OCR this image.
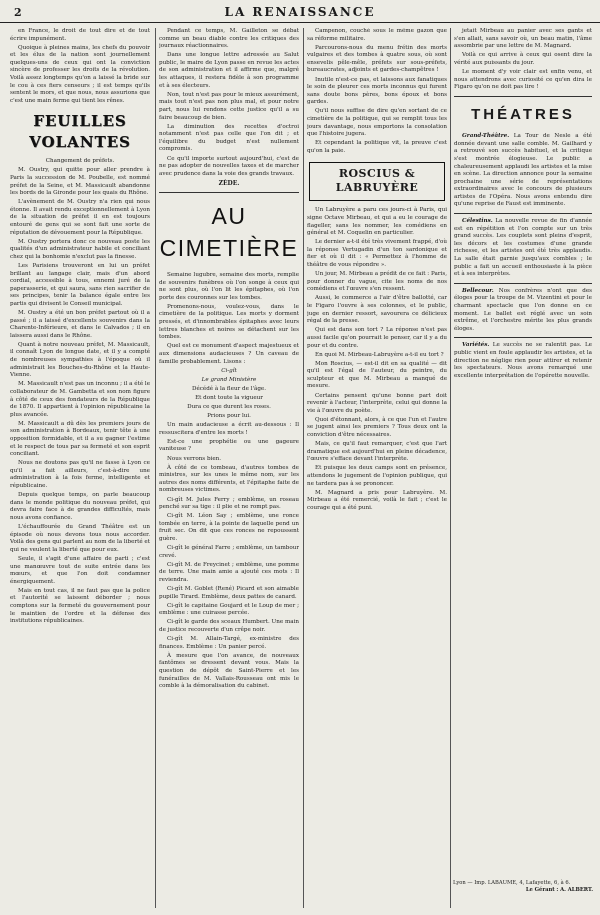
2	LA RENAISSANCE

en France, le droit de tout dire et de tout écrire impunément.

Quoique à pleines mains, les chefs du pouvoir et les élus de la nation sont journellement quelques-uns de ceux qui ont la conviction sincère de professer les droits de la révolution. Voilà assez longtemps qu'on a laissé la bride sur le cou à ces fiers censeurs ; il est temps qu'ils sentent le mors, et que nous, nous assurions que c'est une main ferme qui tient les rênes.

FEUILLES VOLANTES

Changement de préfets.

M. Oustry, qui quitte pour aller prendre à Paris la succession de M. Poubelle, est nommé préfet de la Seine, et M. Massicault abandonne les bords de la Gironde pour les quais du Rhône.

L'avènement de M. Oustry n'a rien qui nous étonne. Il avait rendu exceptionnellement à Lyon de la situation de préfet il en est toujours entouré de gens qui se sont fait une sorte de réputation de dévouement pour la République.

M. Oustry portera donc ce nouveau poste les qualités d'un administrateur habile et conciliant chez qui la bonhomie n'exclut pas la finesse.

Les Parisiens trouveront en lui un préfet brillant au langage clair, mais d'un abord cordial, accessible à tous, ennemi juré de la paperasserie, et qui saura, sans rien sacrifier de ses principes, tenir la balance égale entre les partis qui divisent le Conseil municipal.

M. Oustry a été un bon préfet partout où il a passé ; il a laissé d'excellents souvenirs dans la Charente-Inférieure, et dans le Calvados ; il en laissera aussi dans le Rhône.

Quant à notre nouveau préfet, M. Massicault, il connaît Lyon de longue date, et il y a compté de nombreuses sympathies à l'époque où il administrait les Bouches-du-Rhône et la Haute-Vienne.

M. Massicault n'est pas un inconnu ; il a été le collaborateur de M. Gambetta et son nom figure à côté de ceux des fondateurs de la République de 1870. Il appartient à l'opinion républicaine la plus avancée.

M. Massicault a dû dès les premiers jours de son administration à Bordeaux, tenir tête à une opposition formidable, et il a su gagner l'estime et le respect de tous par sa fermeté et son esprit conciliant.

Nous ne doutons pas qu'il ne fasse à Lyon ce qu'il a fait ailleurs, c'est-à-dire une administration à la fois ferme, intelligente et républicaine.

Depuis quelque temps, on parle beaucoup dans le monde politique du nouveau préfet, qui devra faire face à de grandes difficultés, mais nous avons confiance.

L'échauffourée du Grand Théâtre est un épisode où nous devons tous nous accorder. Voilà des gens qui parlent au nom de la liberté et qui ne veulent la liberté que pour eux.

Seule, il s'agit d'une affaire de parti ; c'est une manœuvre tout de suite entrée dans les mœurs, et que l'on doit condamner énergiquement.

Mais en tout cas, il ne faut pas que la police et l'autorité se laissent déborder ; nous comptons sur la fermeté du gouvernement pour le maintien de l'ordre et la défense des institutions républicaines.

Pendant ce temps, M. Gailleton se débat comme un beau diable contre les critiques des journaux réactionnaires.

Dans une longue lettre adressée au Salut public, le maire de Lyon passe en revue les actes de son administration et il affirme que, malgré les attaques, il restera fidèle à son programme et à ses électeurs.

Non, tout n'est pas pour le mieux assurément, mais tout n'est pas non plus mal, et pour notre part, nous lui rendons cette justice qu'il a su faire beaucoup de bien.

La diminution des recettes d'octroi notamment n'est pas celle que l'on dit ; et l'équilibre du budget n'est nullement compromis.

Ce qu'il importe surtout aujourd'hui, c'est de ne pas adopter de nouvelles taxes et de marcher avec prudence dans la voie des grands travaux.

ZÈDE.
AU CIMETIÈRE

Semaine lugubre, semaine des morts, remplie de souvenirs funèbres où l'on songe à ceux qui ne sont plus, où l'on lit les épitaphes, où l'on porte des couronnes sur les tombes.

Promenons-nous, voulez-vous, dans le cimetière de la politique. Les morts y dorment pressés, et d'innombrables épitaphes avec leurs lettres blanches et noires se détachent sur les tombes.

Quel est ce monument d'aspect majestueux et aux dimensions audacieuses ? Un caveau de famille probablement. Lisons :

Ci-gît

Le grand Ministère

Décédé à la fleur de l'âge.

Et dont toute la vigueur

Dura ce que durent les roses.

Prions pour lui.

Un main audacieuse a écrit au-dessous : Il ressuscitera d'entre les morts !

Est-ce une prophétie ou une gageure vaniteuse ?

Nous verrons bien.

À côté de ce tombeau, d'autres tombes de ministres, sur les unes le même nom, sur les autres des noms différents, et l'épitaphe faite de nombreuses victimes.

Ci-gît M. Jules Ferry ; emblème, un roseau penché sur sa tige : il plie et ne rompt pas.

Ci-gît M. Léon Say ; emblème, une ronce tombée en terre, à la pointe de laquelle pend un fruit sec. On dit que ces ronces ne repoussent guère.

Ci-gît le général Farre ; emblème, un tambour crevé.

Ci-gît M. de Freycinet ; emblème, une pomme de terre. Une main amie a ajouté ces mots : Il reviendra.

Ci-gît M. Goblet (René) Picard et son aimable pupille Tirard. Emblème, deux pattes de canard.

Ci-gît le capitaine Goujard et le Loup de mer ; emblème : une cuirasse percée.

Ci-gît le garde des sceaux Humbert. Une main de justice recouverte d'un crêpe noir.

Ci-gît M. Allain-Targé, ex-ministre des finances. Emblème : Un panier percé.

À mesure que l'on avance, de nouveaux fantômes se dressent devant vous. Mais la question de dépôt de Saint-Pierre et les funérailles de M. Vallais-Rousseau ont mis le comble à la démoralisation du cabinet.

Campenon, couché sous le même gazon que sa réforme militaire.

Parcourons-nous du menu frétin des morts vulgaires et des tombes à quatre sous, où sont ensevelis pêle-mêle, préfets sur sous-préfets, bureaucrates, adjoints et gardes-champêtres !

Inutile n'est-ce pas, et laissons aux fanatiques le soin de pleurer ces morts inconnus qui furent sans doute bons pères, bons époux et bons gardes.

Qu'il nous suffise de dire qu'en sortant de ce cimetière de la politique, qui se remplit tous les jours davantage, nous emportons la consolation que l'histoire jugera.

Et cependant la politique vit, la preuve c'est qu'on la paie.

ROSCIUS & LABRUYÈRE

Un Labruyère a paru ces jours-ci à Paris, qui signe Octave Mirbeau, et qui a eu le courage de flageller, sans les nommer, les comédiens en général et M. Coquelin en particulier.

Le dernier a-t-il été très vivement frappé, d'où la réponse Vertugadin d'un ton sardonique et fier et où il dit : « Permettez à l'homme de théâtre de vous répondre ».

Un jour, M. Mirbeau a prédit de ce fait : Paris, pour donner du vague, cite les noms de nos comédiens et l'œuvre s'en ressent.

Aussi, le commerce a l'air d'être ballotté, car le Figaro l'ouvre à ses colonnes, et le public, juge en dernier ressort, savourera ce délicieux régal de la presse.

Qui est dans son tort ? La réponse n'est pas aussi facile qu'on pourrait le penser, car il y a du pour et du contre.

En quoi M. Mirbeau-Labruyère a-t-il eu tort ?

Mon Roscius, — est-il dit en sa qualité — dit qu'il est l'égal de l'auteur, du peintre, du sculpteur et que M. Mirbeau a manqué de mesure.

Certains pensent qu'une bonne part doit revenir à l'acteur, l'interprète, celui qui donne la vie à l'œuvre du poète.

Quoi d'étonnant, alors, à ce que l'un et l'autre se jugent ainsi les premiers ? Tous deux ont la conviction d'être nécessaires.

Mais, ce qu'il faut remarquer, c'est que l'art dramatique est aujourd'hui en pleine décadence, l'œuvre s'efface devant l'interprète.

Et puisque les deux camps sont en présence, attendons le jugement de l'opinion publique, qui ne tardera pas à se prononcer.

M. Magnard a pris pour Labruyère. M. Mirbeau a été remercié, voilà le fait ; c'est le courage qui a été puni.

jetait Mirbeau au panier avec ses gants et s'en allait, sans savoir où, un beau matin, l'âme assombrie par une lettre de M. Magnard.

Voilà ce qui arrive à ceux qui osent dire la vérité aux puissants du jour.

Le moment d'y voir clair est enfin venu, et nous attendrons avec curiosité ce qu'en dira le Figaro qu'on ne doit pas lire !

THÉATRES

Grand-Théâtre. La Tour de Nesle a été donnée devant une salle comble. M. Gailhard y a retrouvé son succès habituel, et la critique s'est montrée élogieuse. Le public a chaleureusement applaudi les artistes et la mise en scène. La direction annonce pour la semaine prochaine une série de représentations extraordinaires avec le concours de plusieurs artistes de l'Opéra. Nous avons entendu dire qu'une reprise de Faust est imminente.

Célestins. La nouvelle revue de fin d'année est en répétition et l'on compte sur un très grand succès. Les couplets sont pleins d'esprit, les décors et les costumes d'une grande richesse, et les artistes ont été très applaudis. La salle était garnie jusqu'aux combles ; le public a fait un accueil enthousiaste à la pièce et à ses interprètes.

Bellecour. Nos confrères n'ont que des éloges pour la troupe de M. Vizentini et pour le charmant spectacle que l'on donne en ce moment. Le ballet est réglé avec un soin extrême, et l'orchestre mérite les plus grands éloges.

Variétés. Le succès ne se ralentit pas. Le public vient en foule applaudir les artistes, et la direction ne néglige rien pour attirer et retenir les spectateurs. Nous avons remarqué une excellente interprétation de l'opérette nouvelle.

Lyon — Imp. LABAUME, 4, Lafayette, 6, à 6.
Le Gérant : A. ALBERT.
